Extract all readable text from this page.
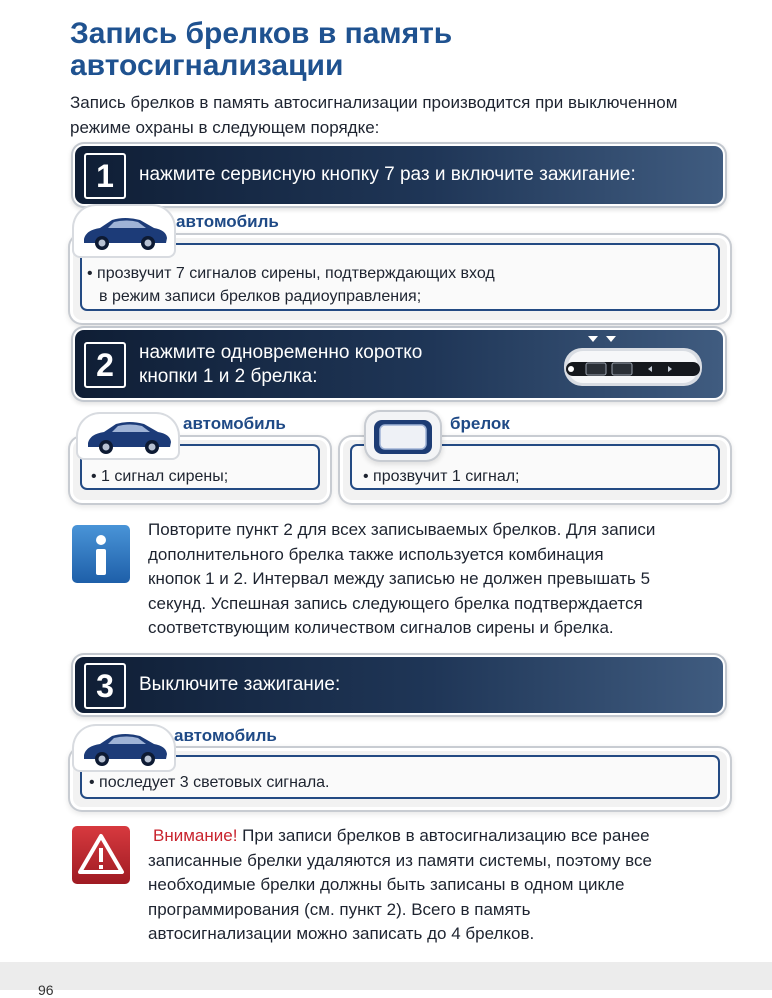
Запись брелков в память автосигнализации
Запись брелков в память автосигнализации производится при выключенном режиме охраны в следующем порядке:
1	нажмите сервисную кнопку 7 раз и включите зажигание:
• прозвучит 7 сигналов сирены, подтверждающих вход
в режим записи брелков радиоуправления;
автомобиль
2	нажмите одновременно коротко
кнопки 1 и 2 брелка:
• 1 сигнал сирены;
автомобиль
• прозвучит 1 сигнал;
брелок
Повторите пункт 2 для всех записываемых брелков. Для записи
дополнительного брелка также используется комбинация
кнопок 1 и 2. Интервал между записью не должен превышать 5
секунд. Успешная запись следующего брелка подтверждается
соответствующим количеством сигналов сирены и брелка.
3	Выключите зажигание:
• последует 3 световых сигнала.
автомобиль
Внимание! При записи брелков в автосигнализацию все ранее
записанные брелки удаляются из памяти системы, поэтому все
необходимые брелки должны быть записаны в одном цикле
программирования (см. пункт 2). Всего в память
автосигнализации можно записать до 4 брелков.
96
